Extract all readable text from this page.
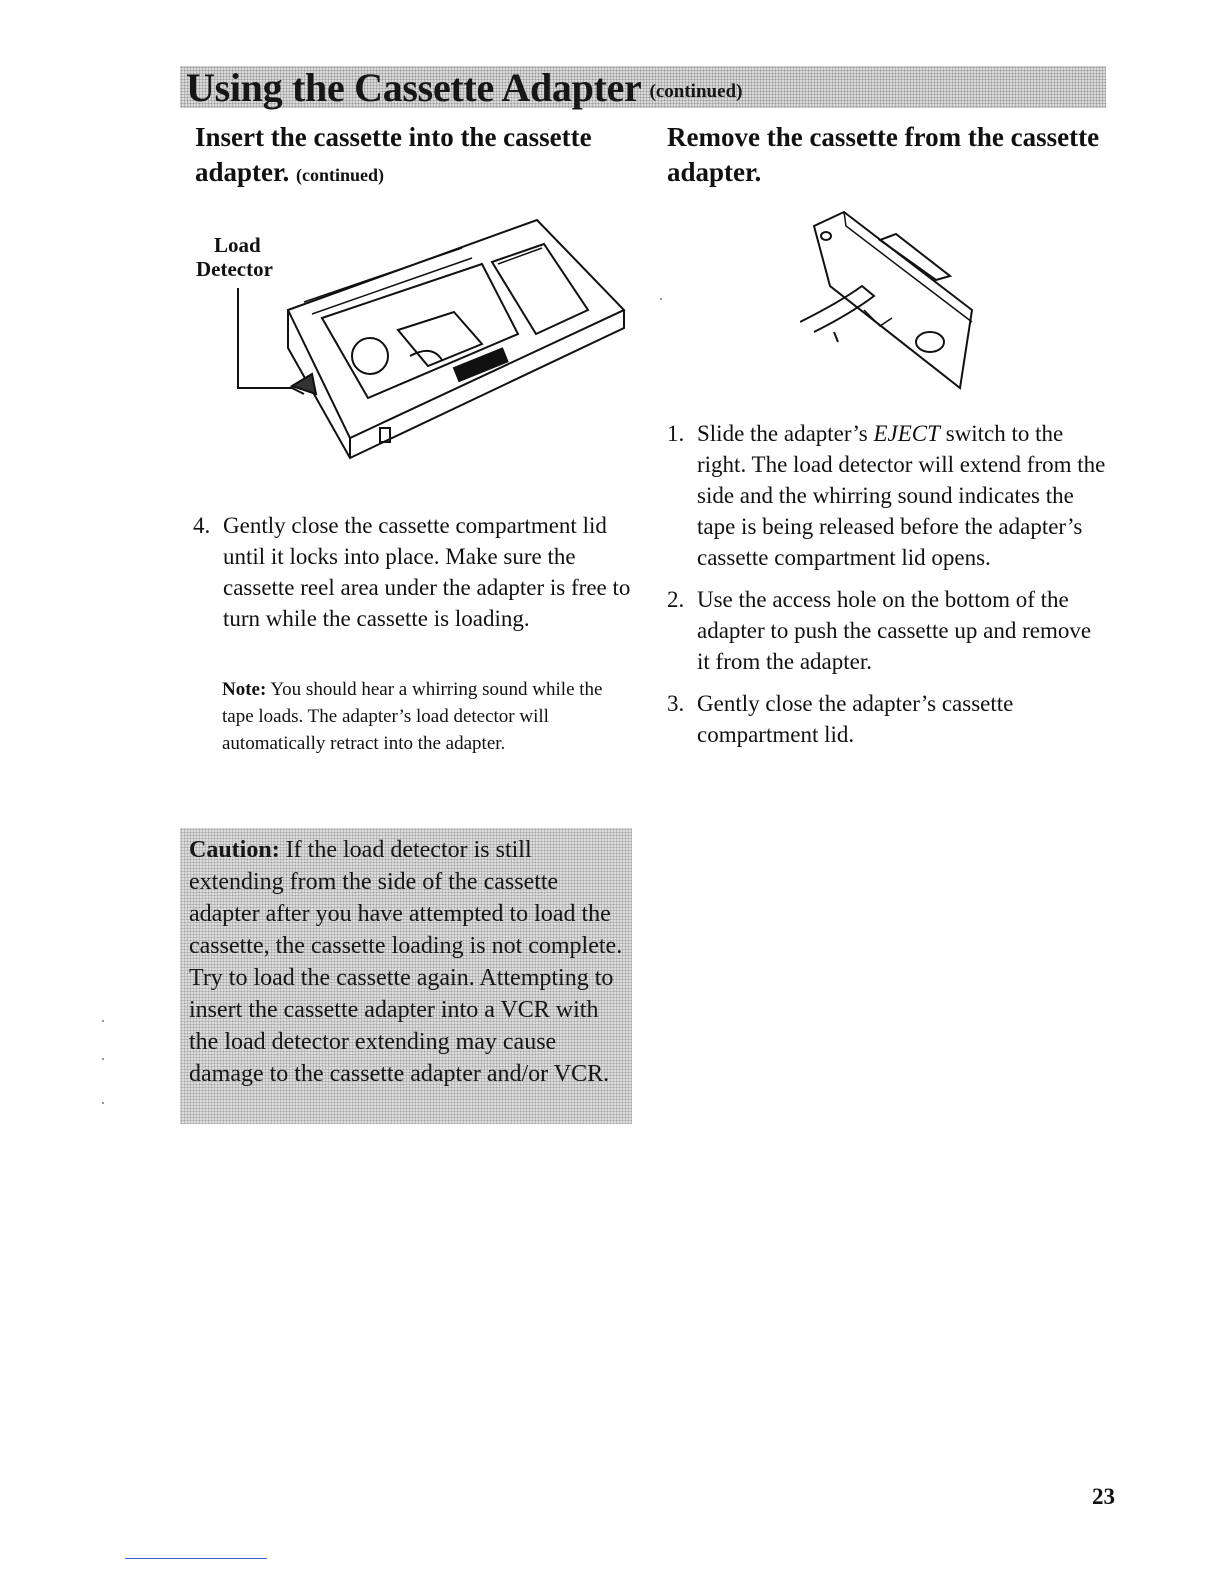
Using the Cassette Adapter (continued)

Insert the cassette into the cassette adapter. (continued)

Load
Detector
4. Gently close the cassette compartment lid until it locks into place. Make sure the cassette reel area under the adapter is free to turn while the cassette is loading.
Note: You should hear a whirring sound while the tape loads. The adapter’s load detector will automatically retract into the adapter.

Remove the cassette from the cassette adapter.

1. Slide the adapter’s EJECT switch to the right. The load detector will extend from the side and the whirring sound indicates the tape is being released before the adapter’s cassette compartment lid opens.
2. Use the access hole on the bottom of the adapter to push the cassette up and remove it from the adapter.
3. Gently close the adapter’s cassette compartment lid.
Caution: If the load detector is still extending from the side of the cassette adapter after you have attempted to load the cassette, the cassette loading is not complete. Try to load the cassette again. Attempting to insert the cassette adapter into a VCR with the load detector extending may cause damage to the cassette adapter and/or VCR.
23
